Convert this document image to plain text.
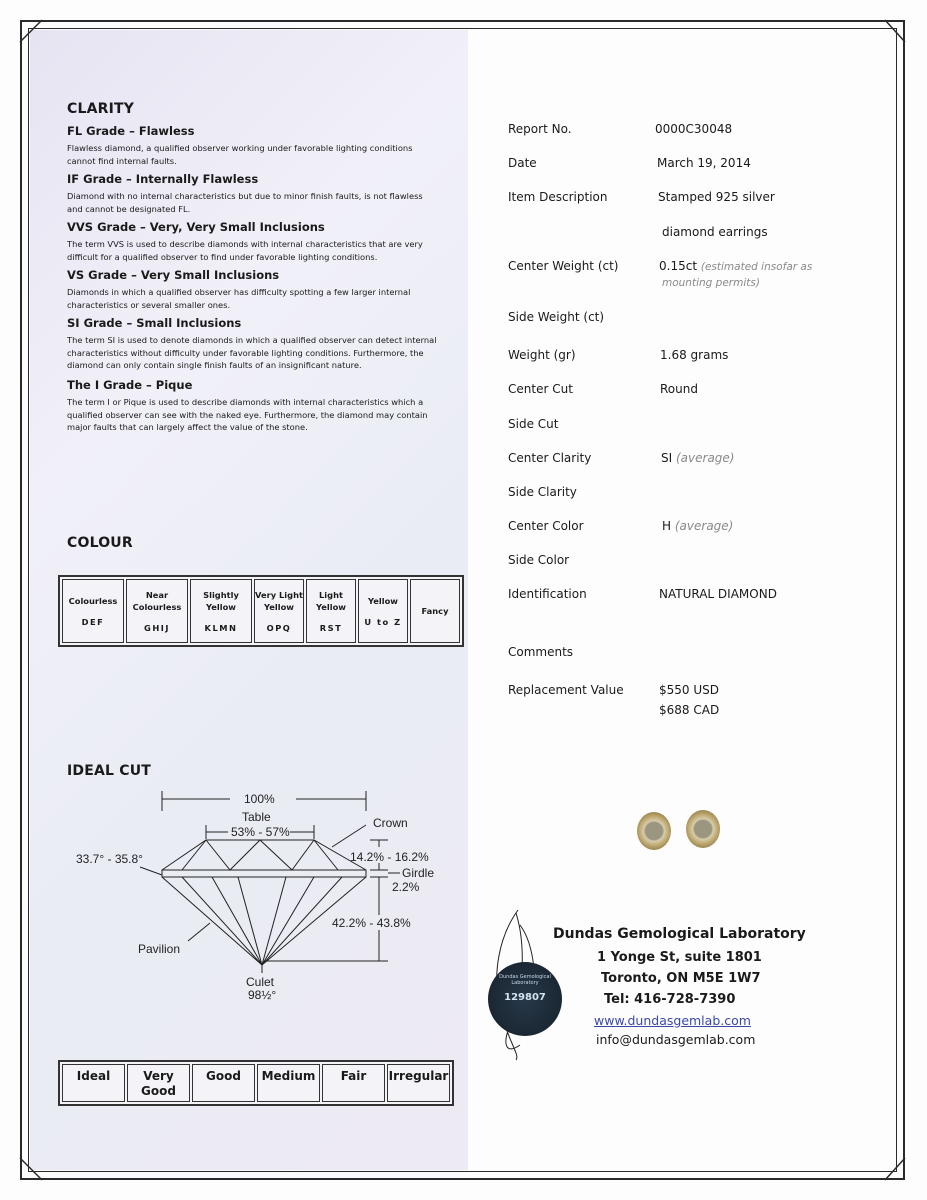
CLARITY
FL Grade – Flawless
Flawless diamond, a qualified observer working under favorable lighting conditions cannot find internal faults.
IF Grade – Internally Flawless
Diamond with no internal characteristics but due to minor finish faults, is not flawless and cannot be designated FL.
VVS Grade – Very, Very Small Inclusions
The term VVS is used to describe diamonds with internal characteristics that are very difficult for a qualified observer to find under favorable lighting conditions.
VS Grade – Very Small Inclusions
Diamonds in which a qualified observer has difficulty spotting a few larger internal characteristics or several smaller ones.
SI Grade – Small Inclusions
The term SI is used to denote diamonds in which a qualified observer can detect internal characteristics without difficulty under favorable lighting conditions. Furthermore, the diamond can only contain single finish faults of an insignificant nature.
The I Grade – Pique
The term I or Pique is used to describe diamonds with internal characteristics which a qualified observer can see with the naked eye. Furthermore, the diamond may contain major faults that can largely affect the value of the stone.
COLOUR
Colourless
DEF

Near Colourless
GHIJ

Slightly Yellow
KLMN

Very Light Yellow
OPQ

Light Yellow
RST

Yellow
U to Z

Fancy
IDEAL CUT
100%
Table
53% - 57%
Crown
33.7° - 35.8°	14.2% - 16.2%
Girdle
2.2%
42.2% - 43.8%
Pavilion
Culet
98½°
Ideal	Very Good	Good	Medium	Fair	Irregular
Report No.	0000C30048
Date	March 19, 2014
Item Description	Stamped 925 silver
diamond earrings
Center Weight (ct)	0.15ct (estimated insofar as
mounting permits)
Side Weight (ct)
Weight (gr)	1.68 grams
Center Cut	Round
Side Cut
Center Clarity	SI (average)
Side Clarity
Center Color	H (average)
Side Color
Identification	NATURAL DIAMOND
Comments
Replacement Value	$550 USD
$688 CAD
Dundas Gemological Laboratory
129807
Dundas Gemological Laboratory
1 Yonge St, suite 1801
Toronto, ON M5E 1W7
Tel: 416-728-7390
www.dundasgemlab.com
info@dundasgemlab.com
